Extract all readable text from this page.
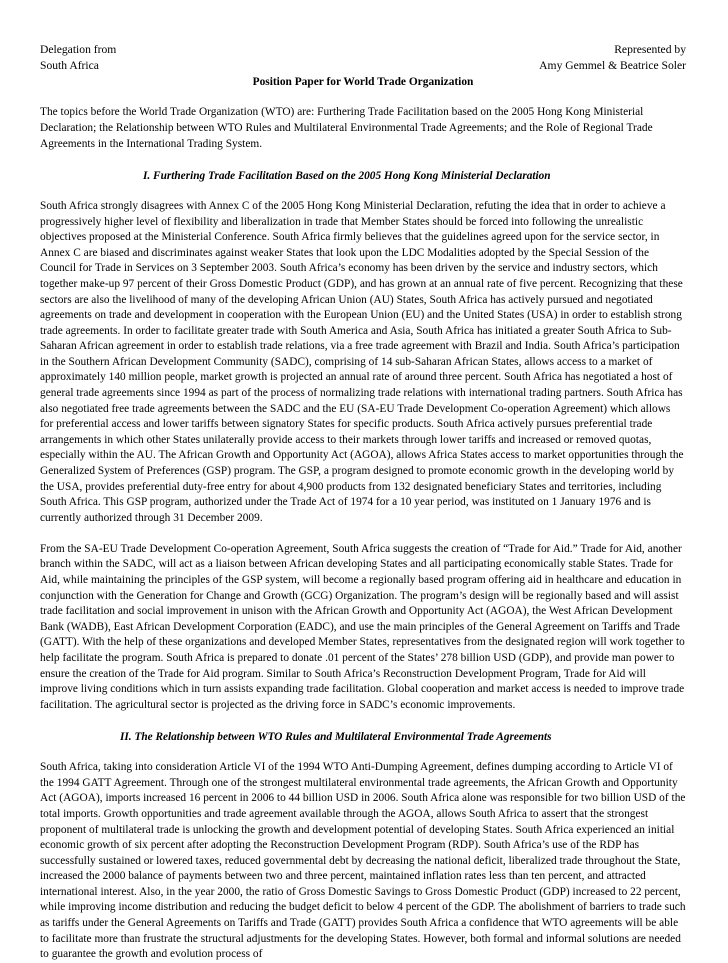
Delegation from	Represented by
South Africa	Amy Gemmel & Beatrice Soler
Position Paper for World Trade Organization

The topics before the World Trade Organization (WTO) are: Furthering Trade Facilitation based on the 2005 Hong Kong Ministerial Declaration; the Relationship between WTO Rules and Multilateral Environmental Trade Agreements; and the Role of Regional Trade Agreements in the International Trading System.

I. Furthering Trade Facilitation Based on the 2005 Hong Kong Ministerial Declaration

South Africa strongly disagrees with Annex C of the 2005 Hong Kong Ministerial Declaration, refuting the idea that in order to achieve a progressively higher level of flexibility and liberalization in trade that Member States should be forced into following the unrealistic objectives proposed at the Ministerial Conference. South Africa firmly believes that the guidelines agreed upon for the service sector, in Annex C are biased and discriminates against weaker States that look upon the LDC Modalities adopted by the Special Session of the Council for Trade in Services on 3 September 2003. South Africa’s economy has been driven by the service and industry sectors, which together make-up 97 percent of their Gross Domestic Product (GDP), and has grown at an annual rate of five percent. Recognizing that these sectors are also the livelihood of many of the developing African Union (AU) States, South Africa has actively pursued and negotiated agreements on trade and development in cooperation with the European Union (EU) and the United States (USA) in order to establish strong trade agreements. In order to facilitate greater trade with South America and Asia, South Africa has initiated a greater South Africa to Sub-Saharan African agreement in order to establish trade relations, via a free trade agreement with Brazil and India. South Africa’s participation in the Southern African Development Community (SADC), comprising of 14 sub-Saharan African States, allows access to a market of approximately 140 million people, market growth is projected an annual rate of around three percent. South Africa has negotiated a host of general trade agreements since 1994 as part of the process of normalizing trade relations with international trading partners. South Africa has also negotiated free trade agreements between the SADC and the EU (SA-EU Trade Development Co-operation Agreement) which allows for preferential access and lower tariffs between signatory States for specific products. South Africa actively pursues preferential trade arrangements in which other States unilaterally provide access to their markets through lower tariffs and increased or removed quotas, especially within the AU. The African Growth and Opportunity Act (AGOA), allows Africa States access to market opportunities through the Generalized System of Preferences (GSP) program. The GSP, a program designed to promote economic growth in the developing world by the USA, provides preferential duty-free entry for about 4,900 products from 132 designated beneficiary States and territories, including South Africa. This GSP program, authorized under the Trade Act of 1974 for a 10 year period, was instituted on 1 January 1976 and is currently authorized through 31 December 2009.

From the SA-EU Trade Development Co-operation Agreement, South Africa suggests the creation of “Trade for Aid.” Trade for Aid, another branch within the SADC, will act as a liaison between African developing States and all participating economically stable States. Trade for Aid, while maintaining the principles of the GSP system, will become a regionally based program offering aid in healthcare and education in conjunction with the Generation for Change and Growth (GCG) Organization. The program’s design will be regionally based and will assist trade facilitation and social improvement in unison with the African Growth and Opportunity Act (AGOA), the West African Development Bank (WADB), East African Development Corporation (EADC), and use the main principles of the General Agreement on Tariffs and Trade (GATT). With the help of these organizations and developed Member States, representatives from the designated region will work together to help facilitate the program. South Africa is prepared to donate .01 percent of the States’ 278 billion USD (GDP), and provide man power to ensure the creation of the Trade for Aid program. Similar to South Africa’s Reconstruction Development Program, Trade for Aid will improve living conditions which in turn assists expanding trade facilitation. Global cooperation and market access is needed to improve trade facilitation. The agricultural sector is projected as the driving force in SADC’s economic improvements.

II. The Relationship between WTO Rules and Multilateral Environmental Trade Agreements

South Africa, taking into consideration Article VI of the 1994 WTO Anti-Dumping Agreement, defines dumping according to Article VI of the 1994 GATT Agreement. Through one of the strongest multilateral environmental trade agreements, the African Growth and Opportunity Act (AGOA), imports increased 16 percent in 2006 to 44 billion USD in 2006. South Africa alone was responsible for two billion USD of the total imports. Growth opportunities and trade agreement available through the AGOA, allows South Africa to assert that the strongest proponent of multilateral trade is unlocking the growth and development potential of developing States. South Africa experienced an initial economic growth of six percent after adopting the Reconstruction Development Program (RDP). South Africa’s use of the RDP has successfully sustained or lowered taxes, reduced governmental debt by decreasing the national deficit, liberalized trade throughout the State, increased the 2000 balance of payments between two and three percent, maintained inflation rates less than ten percent, and attracted international interest. Also, in the year 2000, the ratio of Gross Domestic Savings to Gross Domestic Product (GDP) increased to 22 percent, while improving income distribution and reducing the budget deficit to below 4 percent of the GDP. The abolishment of barriers to trade such as tariffs under the General Agreements on Tariffs and Trade (GATT) provides South Africa a confidence that WTO agreements will be able to facilitate more than frustrate the structural adjustments for the developing States. However, both formal and informal solutions are needed to guarantee the growth and evolution process of
